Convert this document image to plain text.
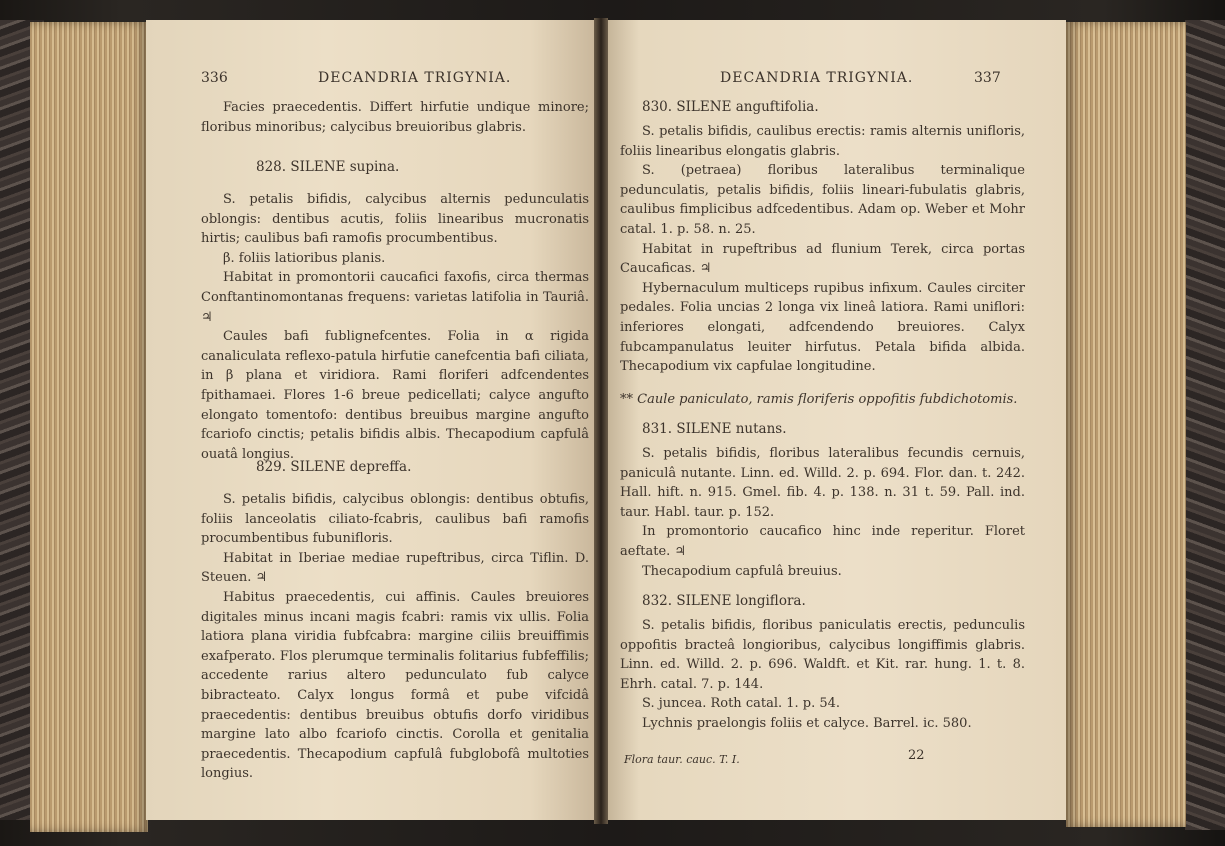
336	DECANDRIA TRIGYNIA.

Facies praecedentis. Differt hirfutie undique minore; floribus minoribus; calycibus breuioribus glabris.

828. SILENE supina.

S. petalis bifidis, calycibus alternis pedunculatis oblongis: dentibus acutis, foliis linearibus mucronatis hirtis; caulibus bafi ramofis procumbentibus.

β. foliis latioribus planis.

Habitat in promontorii caucafici faxofis, circa thermas Conftantinomontanas frequens: varietas latifolia in Tauriâ. ♃

Caules bafi fublignefcentes. Folia in α rigida canaliculata reflexo-patula hirfutie canefcentia bafi ciliata, in β plana et viridiora. Rami floriferi adfcendentes fpithamaei. Flores 1-6 breue pedicellati; calyce angufto elongato tomentofo: dentibus breuibus margine angufto fcariofo cinctis; petalis bifidis albis. Thecapodium capfulâ ouatâ longius.

829. SILENE depreffa.

S. petalis bifidis, calycibus oblongis: dentibus obtufis, foliis lanceolatis ciliato-fcabris, caulibus bafi ramofis procumbentibus fubunifloris.

Habitat in Iberiae mediae rupeftribus, circa Tiflin. D. Steuen. ♃

Habitus praecedentis, cui affinis. Caules breuiores digitales minus incani magis fcabri: ramis vix ullis. Folia latiora plana viridia fubfcabra: margine ciliis breuiffimis exafperato. Flos plerumque terminalis folitarius fubfeffilis; accedente rarius altero pedunculato fub calyce bibracteato. Calyx longus formâ et pube vifcidâ praecedentis: dentibus breuibus obtufis dorfo viridibus margine lato albo fcariofo cinctis. Corolla et genitalia praecedentis. Thecapodium capfulâ fubglobofâ multoties longius.

DECANDRIA TRIGYNIA.	337
830. SILENE anguftifolia.

S. petalis bifidis, caulibus erectis: ramis alternis unifloris, foliis linearibus elongatis glabris.

S. (petraea) floribus lateralibus terminalique pedunculatis, petalis bifidis, foliis lineari-fubulatis glabris, caulibus fimplicibus adfcedentibus. Adam op. Weber et Mohr catal. 1. p. 58. n. 25.

Habitat in rupeftribus ad flunium Terek, circa portas Caucaficas. ♃

Hybernaculum multiceps rupibus infixum. Caules circiter pedales. Folia uncias 2 longa vix lineâ latiora. Rami uniflori: inferiores elongati, adfcendendo breuiores. Calyx fubcampanulatus leuiter hirfutus. Petala bifida albida. Thecapodium vix capfulae longitudine.

** Caule paniculato, ramis floriferis oppofitis fubdichotomis.
831. SILENE nutans.

S. petalis bifidis, floribus lateralibus fecundis cernuis, paniculâ nutante. Linn. ed. Willd. 2. p. 694. Flor. dan. t. 242. Hall. hift. n. 915. Gmel. fib. 4. p. 138. n. 31 t. 59. Pall. ind. taur. Habl. taur. p. 152.

In promontorio caucafico hinc inde reperitur. Floret aeftate. ♃

Thecapodium capfulâ breuius.

832. SILENE longiflora.

S. petalis bifidis, floribus paniculatis erectis, pedunculis oppofitis bracteâ longioribus, calycibus longiffimis glabris. Linn. ed. Willd. 2. p. 696. Waldft. et Kit. rar. hung. 1. t. 8. Ehrh. catal. 7. p. 144.

S. juncea. Roth catal. 1. p. 54.

Lychnis praelongis foliis et calyce. Barrel. ic. 580.

Flora taur. cauc. T. I.	22
